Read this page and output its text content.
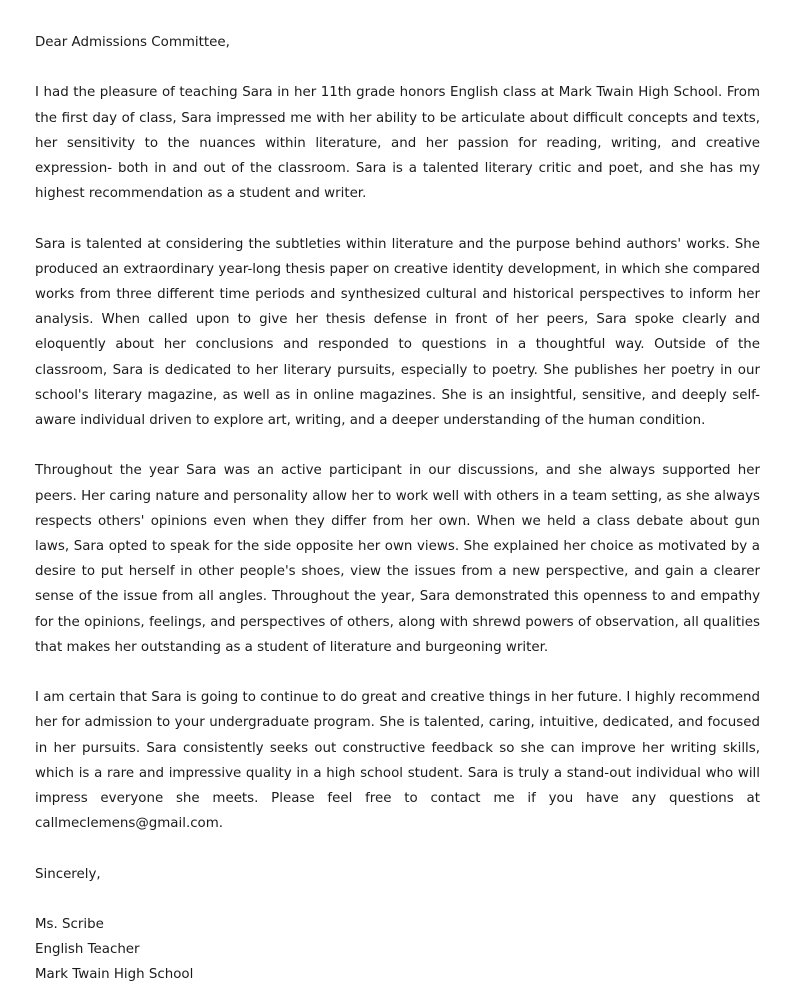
Dear Admissions Committee,

I had the pleasure of teaching Sara in her 11th grade honors English class at Mark Twain High School. From the first day of class, Sara impressed me with her ability to be articulate about difficult concepts and texts, her sensitivity to the nuances within literature, and her passion for reading, writing, and creative expression- both in and out of the classroom. Sara is a talented literary critic and poet, and she has my highest recommendation as a student and writer.

Sara is talented at considering the subtleties within literature and the purpose behind authors' works. She produced an extraordinary year-long thesis paper on creative identity development, in which she compared works from three different time periods and synthesized cultural and historical perspectives to inform her analysis. When called upon to give her thesis defense in front of her peers, Sara spoke clearly and eloquently about her conclusions and responded to questions in a thoughtful way. Outside of the classroom, Sara is dedicated to her literary pursuits, especially to poetry. She publishes her poetry in our school's literary magazine, as well as in online magazines. She is an insightful, sensitive, and deeply self-aware individual driven to explore art, writing, and a deeper understanding of the human condition.

Throughout the year Sara was an active participant in our discussions, and she always supported her peers. Her caring nature and personality allow her to work well with others in a team setting, as she always respects others' opinions even when they differ from her own. When we held a class debate about gun laws, Sara opted to speak for the side opposite her own views. She explained her choice as motivated by a desire to put herself in other people's shoes, view the issues from a new perspective, and gain a clearer sense of the issue from all angles. Throughout the year, Sara demonstrated this openness to and empathy for the opinions, feelings, and perspectives of others, along with shrewd powers of observation, all qualities that makes her outstanding as a student of literature and burgeoning writer.

I am certain that Sara is going to continue to do great and creative things in her future. I highly recommend her for admission to your undergraduate program. She is talented, caring, intuitive, dedicated, and focused in her pursuits. Sara consistently seeks out constructive feedback so she can improve her writing skills, which is a rare and impressive quality in a high school student. Sara is truly a stand-out individual who will impress everyone she meets. Please feel free to contact me if you have any questions at callmeclemens@gmail.com.

Sincerely,

Ms. Scribe
English Teacher
Mark Twain High School
